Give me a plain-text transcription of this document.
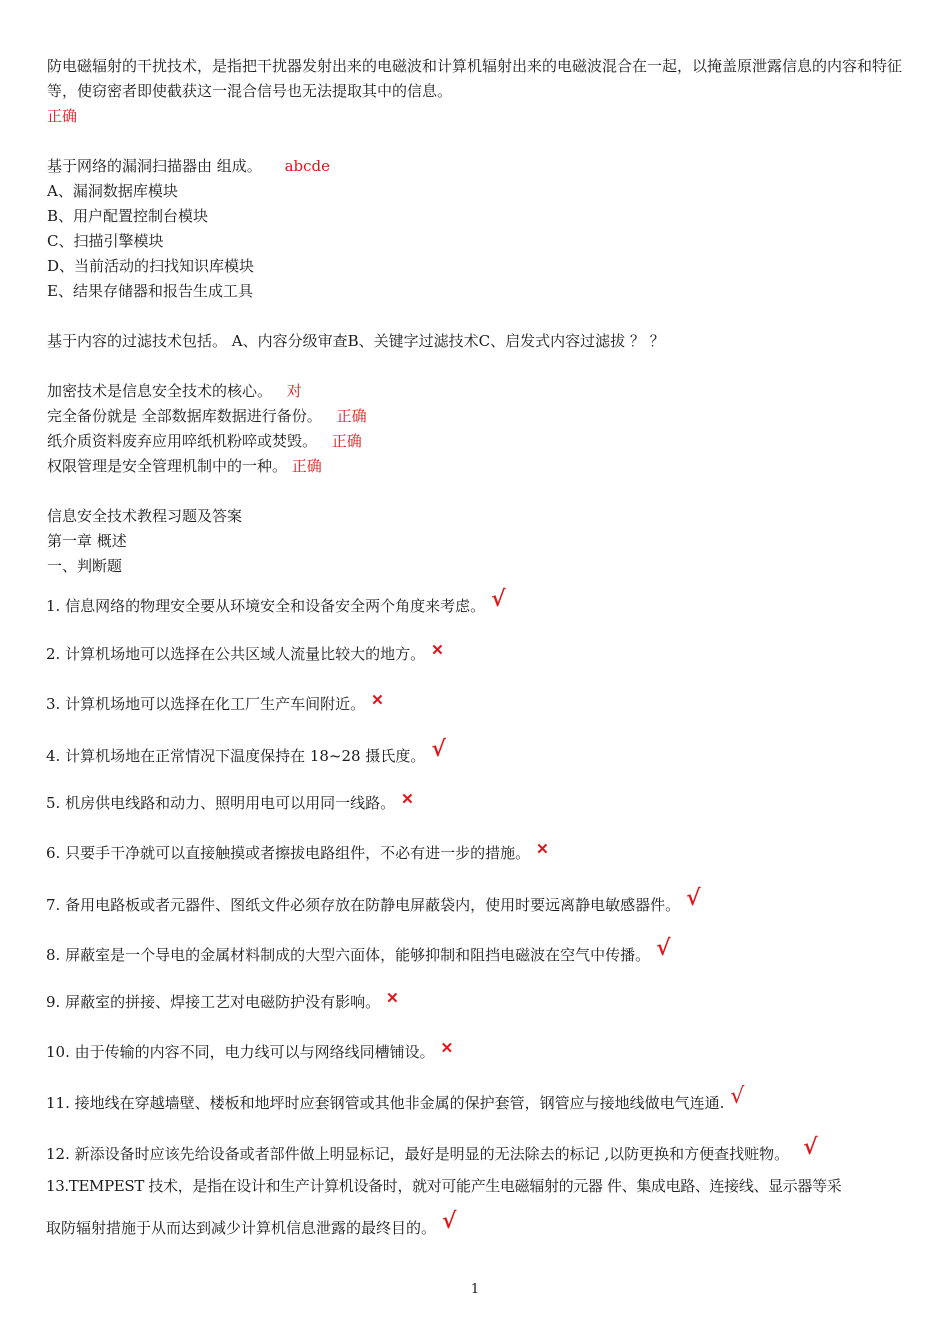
防电磁辐射的干扰技术，是指把干扰器发射出来的电磁波和计算机辐射出来的电磁波混合在一起，以掩盖原泄露信息的内容和特征等，使窃密者即使截获这一混合信号也无法提取其中的信息。
正确
基于网络的漏洞扫描器由 组成。 abcde
A、漏洞数据库模块
B、用户配置控制台模块
C、扫描引擎模块
D、当前活动的扫找知识库模块
E、结果存储器和报告生成工具
基于内容的过滤技术包括。 A、内容分级审查B、关键字过滤技术C、启发式内容过滤拔 ？ ？
加密技术是信息安全技术的核心。 对
完全备份就是 全部数据库数据进行备份。 正确
纸介质资料废弃应用啐纸机粉啐或焚毁。 正确
权限管理是安全管理机制中的一种。 正确
信息安全技术教程习题及答案
第一章 概述
一、判断题
1. 信息网络的物理安全要从环境安全和设备安全两个角度来考虑。 √
2. 计算机场地可以选择在公共区域人流量比较大的地方。 ✕
3. 计算机场地可以选择在化工厂生产车间附近。 ✕
4. 计算机场地在正常情况下温度保持在 18~28 摄氏度。 √
5. 机房供电线路和动力、照明用电可以用同一线路。 ✕
6. 只要手干净就可以直接触摸或者擦拔电路组件，不必有进一步的措施。 ✕
7. 备用电路板或者元器件、图纸文件必须存放在防静电屏蔽袋内，使用时要远离静电敏感器件。 √
8. 屏蔽室是一个导电的金属材料制成的大型六面体，能够抑制和阻挡电磁波在空气中传播。 √
9. 屏蔽室的拼接、焊接工艺对电磁防护没有影响。 ✕
10. 由于传输的内容不同，电力线可以与网络线同槽铺设。 ✕
11. 接地线在穿越墙壁、楼板和地坪时应套钢管或其他非金属的保护套管，钢管应与接地线做电气连通. √
12. 新添设备时应该先给设备或者部件做上明显标记，最好是明显的无法除去的标记 ,以防更换和方便查找赃物。 √
13.TEMPEST 技术，是指在设计和生产计算机设备时，就对可能产生电磁辐射的元器 件、集成电路、连接线、显示器等采
取防辐射措施于从而达到减少计算机信息泄露的最终目的。 √
1
